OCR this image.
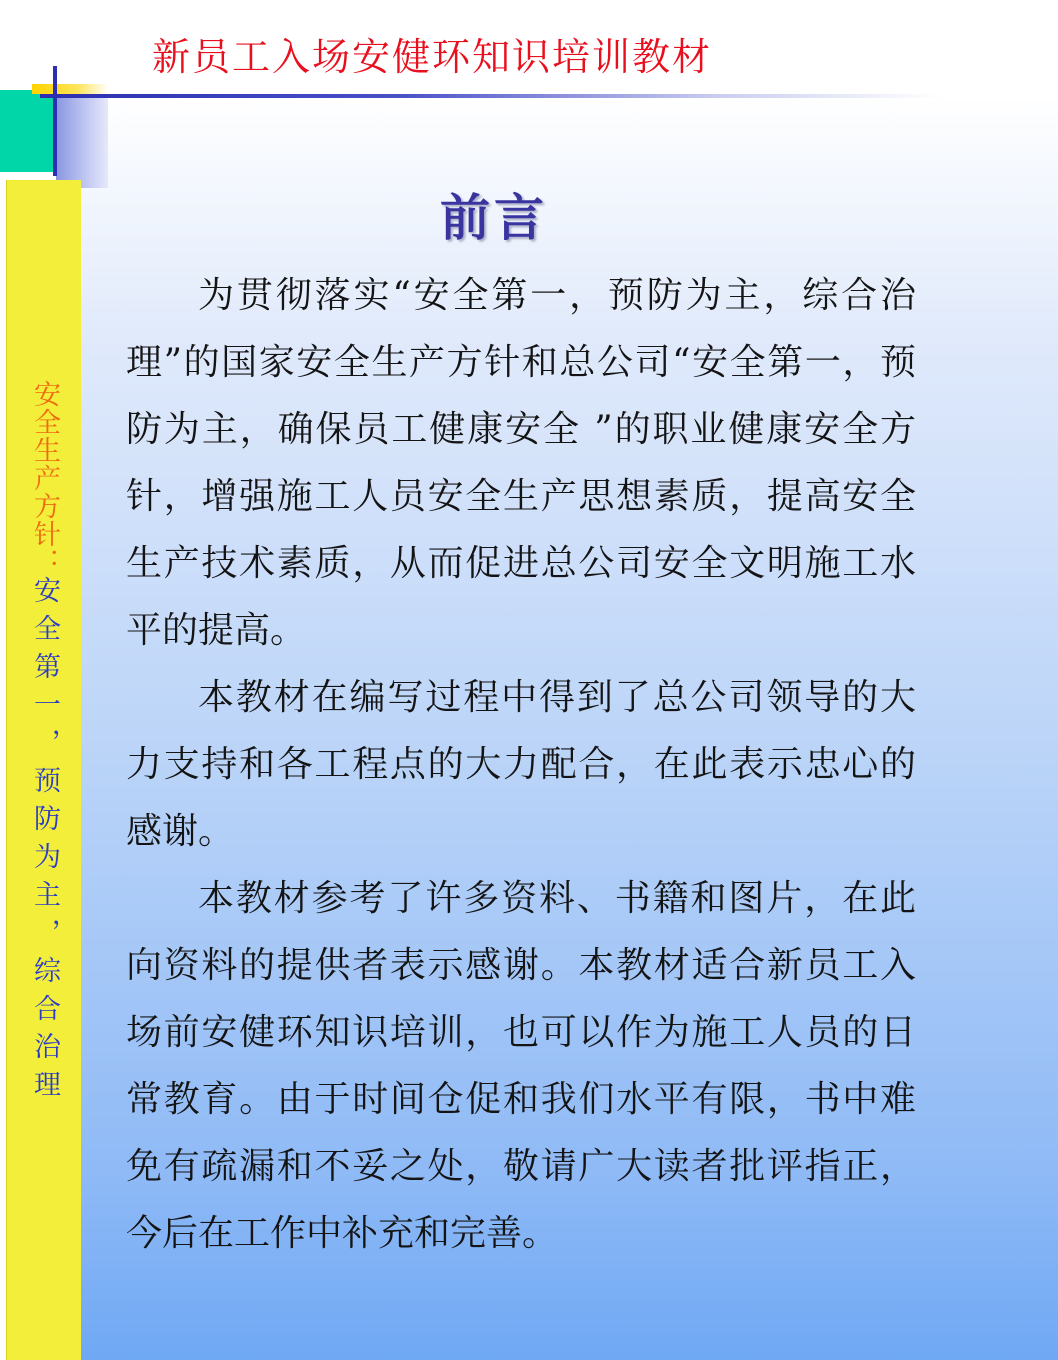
新员工入场安健环知识培训教材

安全生产方针：安全第一，预防为主，综合治理

前言

为贯彻落实“安全第一，预防为主，综合治理”的国家安全生产方针和总公司“安全第一，预防为主，确保员工健康安全 ”的职业健康安全方针，增强施工人员安全生产思想素质，提高安全生产技术素质，从而促进总公司安全文明施工水平的提高。

本教材在编写过程中得到了总公司领导的大力支持和各工程点的大力配合，在此表示忠心的感谢。

本教材参考了许多资料、书籍和图片，在此向资料的提供者表示感谢。本教材适合新员工入场前安健环知识培训，也可以作为施工人员的日常教育。由于时间仓促和我们水平有限，书中难免有疏漏和不妥之处，敬请广大读者批评指正，今后在工作中补充和完善。
